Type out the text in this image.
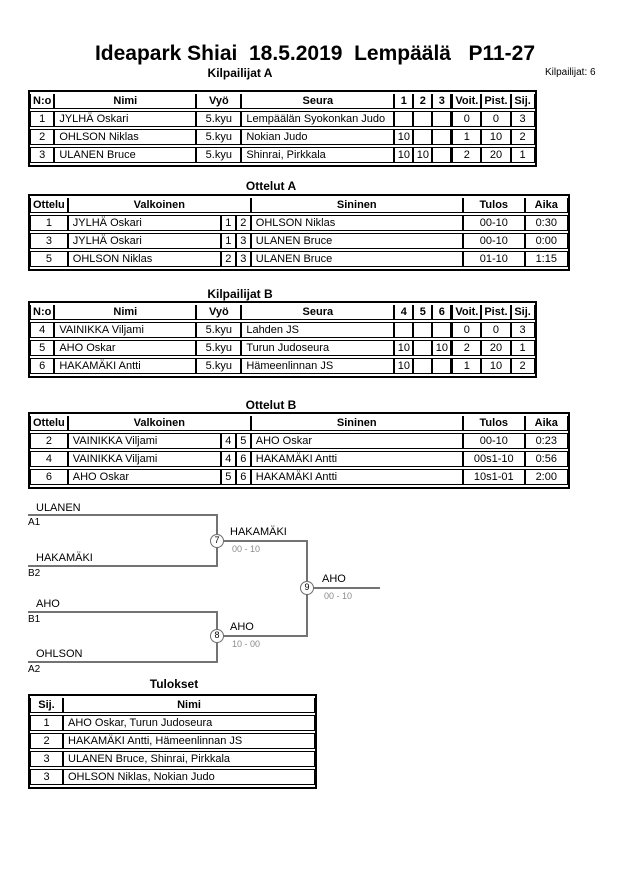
Ideapark Shiai  18.5.2019  Lempäälä   P11-27
Kilpailijat: 6
Kilpailijat A
N:o	Nimi	Vyö	Seura	1	2	3	Voit.	Pist.	Sij.
1	JYLHÄ Oskari	5.kyu	Lempäälän Syokonkan Judo				0	0	3
2	OHLSON Niklas	5.kyu	Nokian Judo	10			1	10	2
3	ULANEN Bruce	5.kyu	Shinrai, Pirkkala	10	10		2	20	1
Ottelut A
Ottelu	Valkoinen			Sininen	Tulos	Aika
1	JYLHÄ Oskari	1	2	OHLSON Niklas	00-10	0:30
3	JYLHÄ Oskari	1	3	ULANEN Bruce	00-10	0:00
5	OHLSON Niklas	2	3	ULANEN Bruce	01-10	1:15
Kilpailijat B
N:o	Nimi	Vyö	Seura	4	5	6	Voit.	Pist.	Sij.
4	VAINIKKA Viljami	5.kyu	Lahden JS				0	0	3
5	AHO Oskar	5.kyu	Turun Judoseura	10		10	2	20	1
6	HAKAMÄKI Antti	5.kyu	Hämeenlinnan JS	10			1	10	2
Ottelut B
Ottelu	Valkoinen			Sininen	Tulos	Aika
2	VAINIKKA Viljami	4	5	AHO Oskar	00-10	0:23
4	VAINIKKA Viljami	4	6	HAKAMÄKI Antti	00s1-10	0:56
6	AHO Oskar	5	6	HAKAMÄKI Antti	10s1-01	2:00
ULANEN
A1
HAKAMÄKI
B2
AHO
B1
OHLSON
A2
7
HAKAMÄKI
00 - 10
8
AHO
10 - 00
9
AHO
00 - 10
Tulokset
Sij.	Nimi
1	AHO Oskar, Turun Judoseura
2	HAKAMÄKI Antti, Hämeenlinnan JS
3	ULANEN Bruce, Shinrai, Pirkkala
3	OHLSON Niklas, Nokian Judo
